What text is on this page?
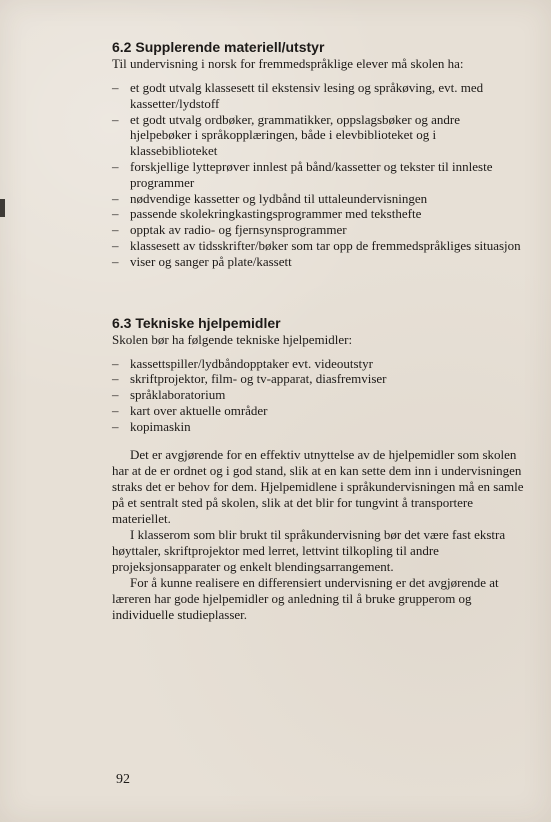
6.2 Supplerende materiell/utstyr

Til undervisning i norsk for fremmedspråklige elever må skolen ha:

– et godt utvalg klassesett til ekstensiv lesing og språkøving, evt. med kassetter/lydstoff
– et godt utvalg ordbøker, grammatikker, oppslagsbøker og andre hjelpebøker i språkopplæringen, både i elevbiblioteket og i klassebiblioteket
– forskjellige lytteprøver innlest på bånd/kassetter og tekster til innleste programmer
– nødvendige kassetter og lydbånd til uttaleundervisningen
– passende skolekringkastingsprogrammer med teksthefte
– opptak av radio- og fjernsynsprogrammer
– klassesett av tidsskrifter/bøker som tar opp de fremmedspråkliges situasjon
– viser og sanger på plate/kassett
6.3 Tekniske hjelpemidler

Skolen bør ha følgende tekniske hjelpemidler:

– kassettspiller/lydbåndopptaker evt. videoutstyr
– skriftprojektor, film- og tv-apparat, diasfremviser
– språklaboratorium
– kart over aktuelle områder
– kopimaskin

Det er avgjørende for en effektiv utnyttelse av de hjelpemidler som skolen har at de er ordnet og i god stand, slik at en kan sette dem inn i undervisningen straks det er behov for dem. Hjelpemidlene i språkundervisningen må en samle på et sentralt sted på skolen, slik at det blir for tungvint å transportere materiellet.

I klasserom som blir brukt til språkundervisning bør det være fast ekstra høyttaler, skriftprojektor med lerret, lettvint tilkopling til andre projeksjonsapparater og enkelt blendingsarrangement.

For å kunne realisere en differensiert undervisning er det avgjørende at læreren har gode hjelpemidler og anledning til å bruke grupperom og individuelle studieplasser.

92
